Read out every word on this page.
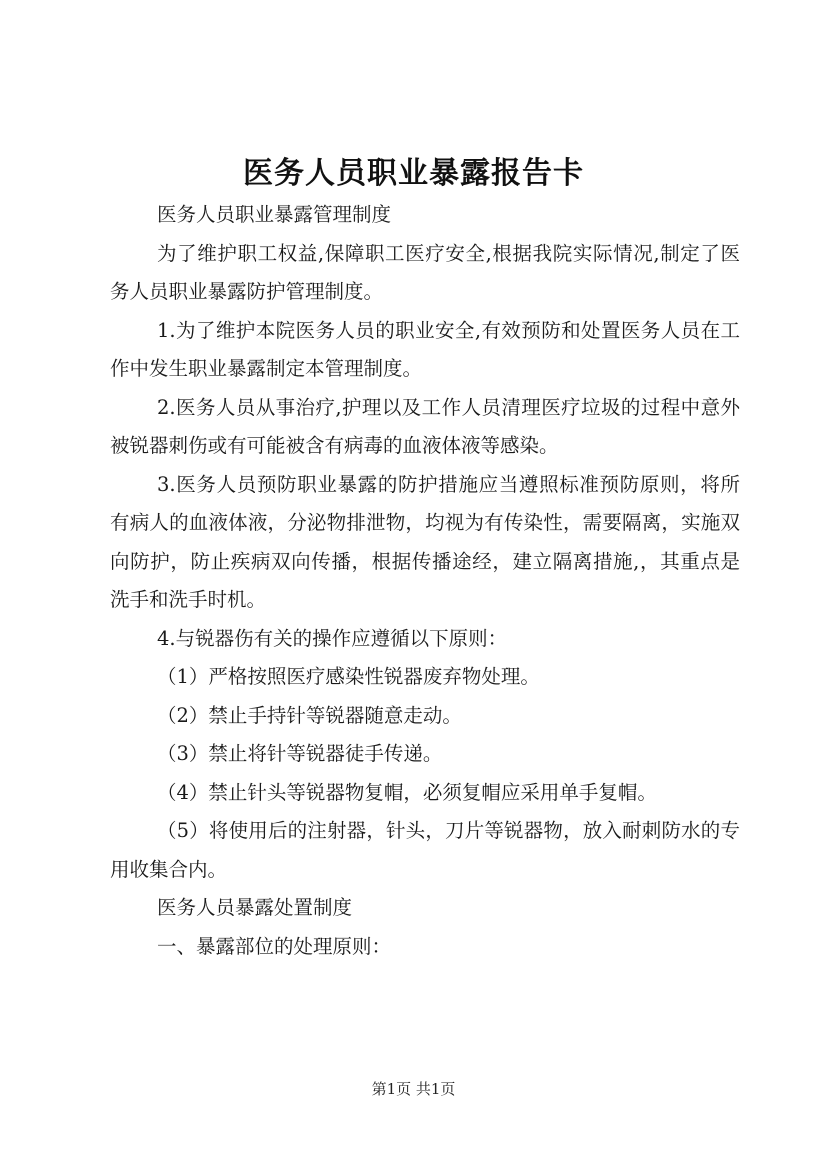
医务人员职业暴露报告卡

医务人员职业暴露管理制度

为了维护职工权益,保障职工医疗安全,根据我院实际情况,制定了医务人员职业暴露防护管理制度。

1.为了维护本院医务人员的职业安全,有效预防和处置医务人员在工作中发生职业暴露制定本管理制度。

2.医务人员从事治疗,护理以及工作人员清理医疗垃圾的过程中意外被锐器刺伤或有可能被含有病毒的血液体液等感染。

3.医务人员预防职业暴露的防护措施应当遵照标准预防原则，将所有病人的血液体液，分泌物排泄物，均视为有传染性，需要隔离，实施双向防护，防止疾病双向传播，根据传播途经，建立隔离措施,，其重点是洗手和洗手时机。

4.与锐器伤有关的操作应遵循以下原则：

（1）严格按照医疗感染性锐器废弃物处理。

（2）禁止手持针等锐器随意走动。

（3）禁止将针等锐器徒手传递。

（4）禁止针头等锐器物复帽，必须复帽应采用单手复帽。

（5）将使用后的注射器，针头，刀片等锐器物，放入耐刺防水的专用收集合内。

医务人员暴露处置制度

一、暴露部位的处理原则：

第1页 共1页
